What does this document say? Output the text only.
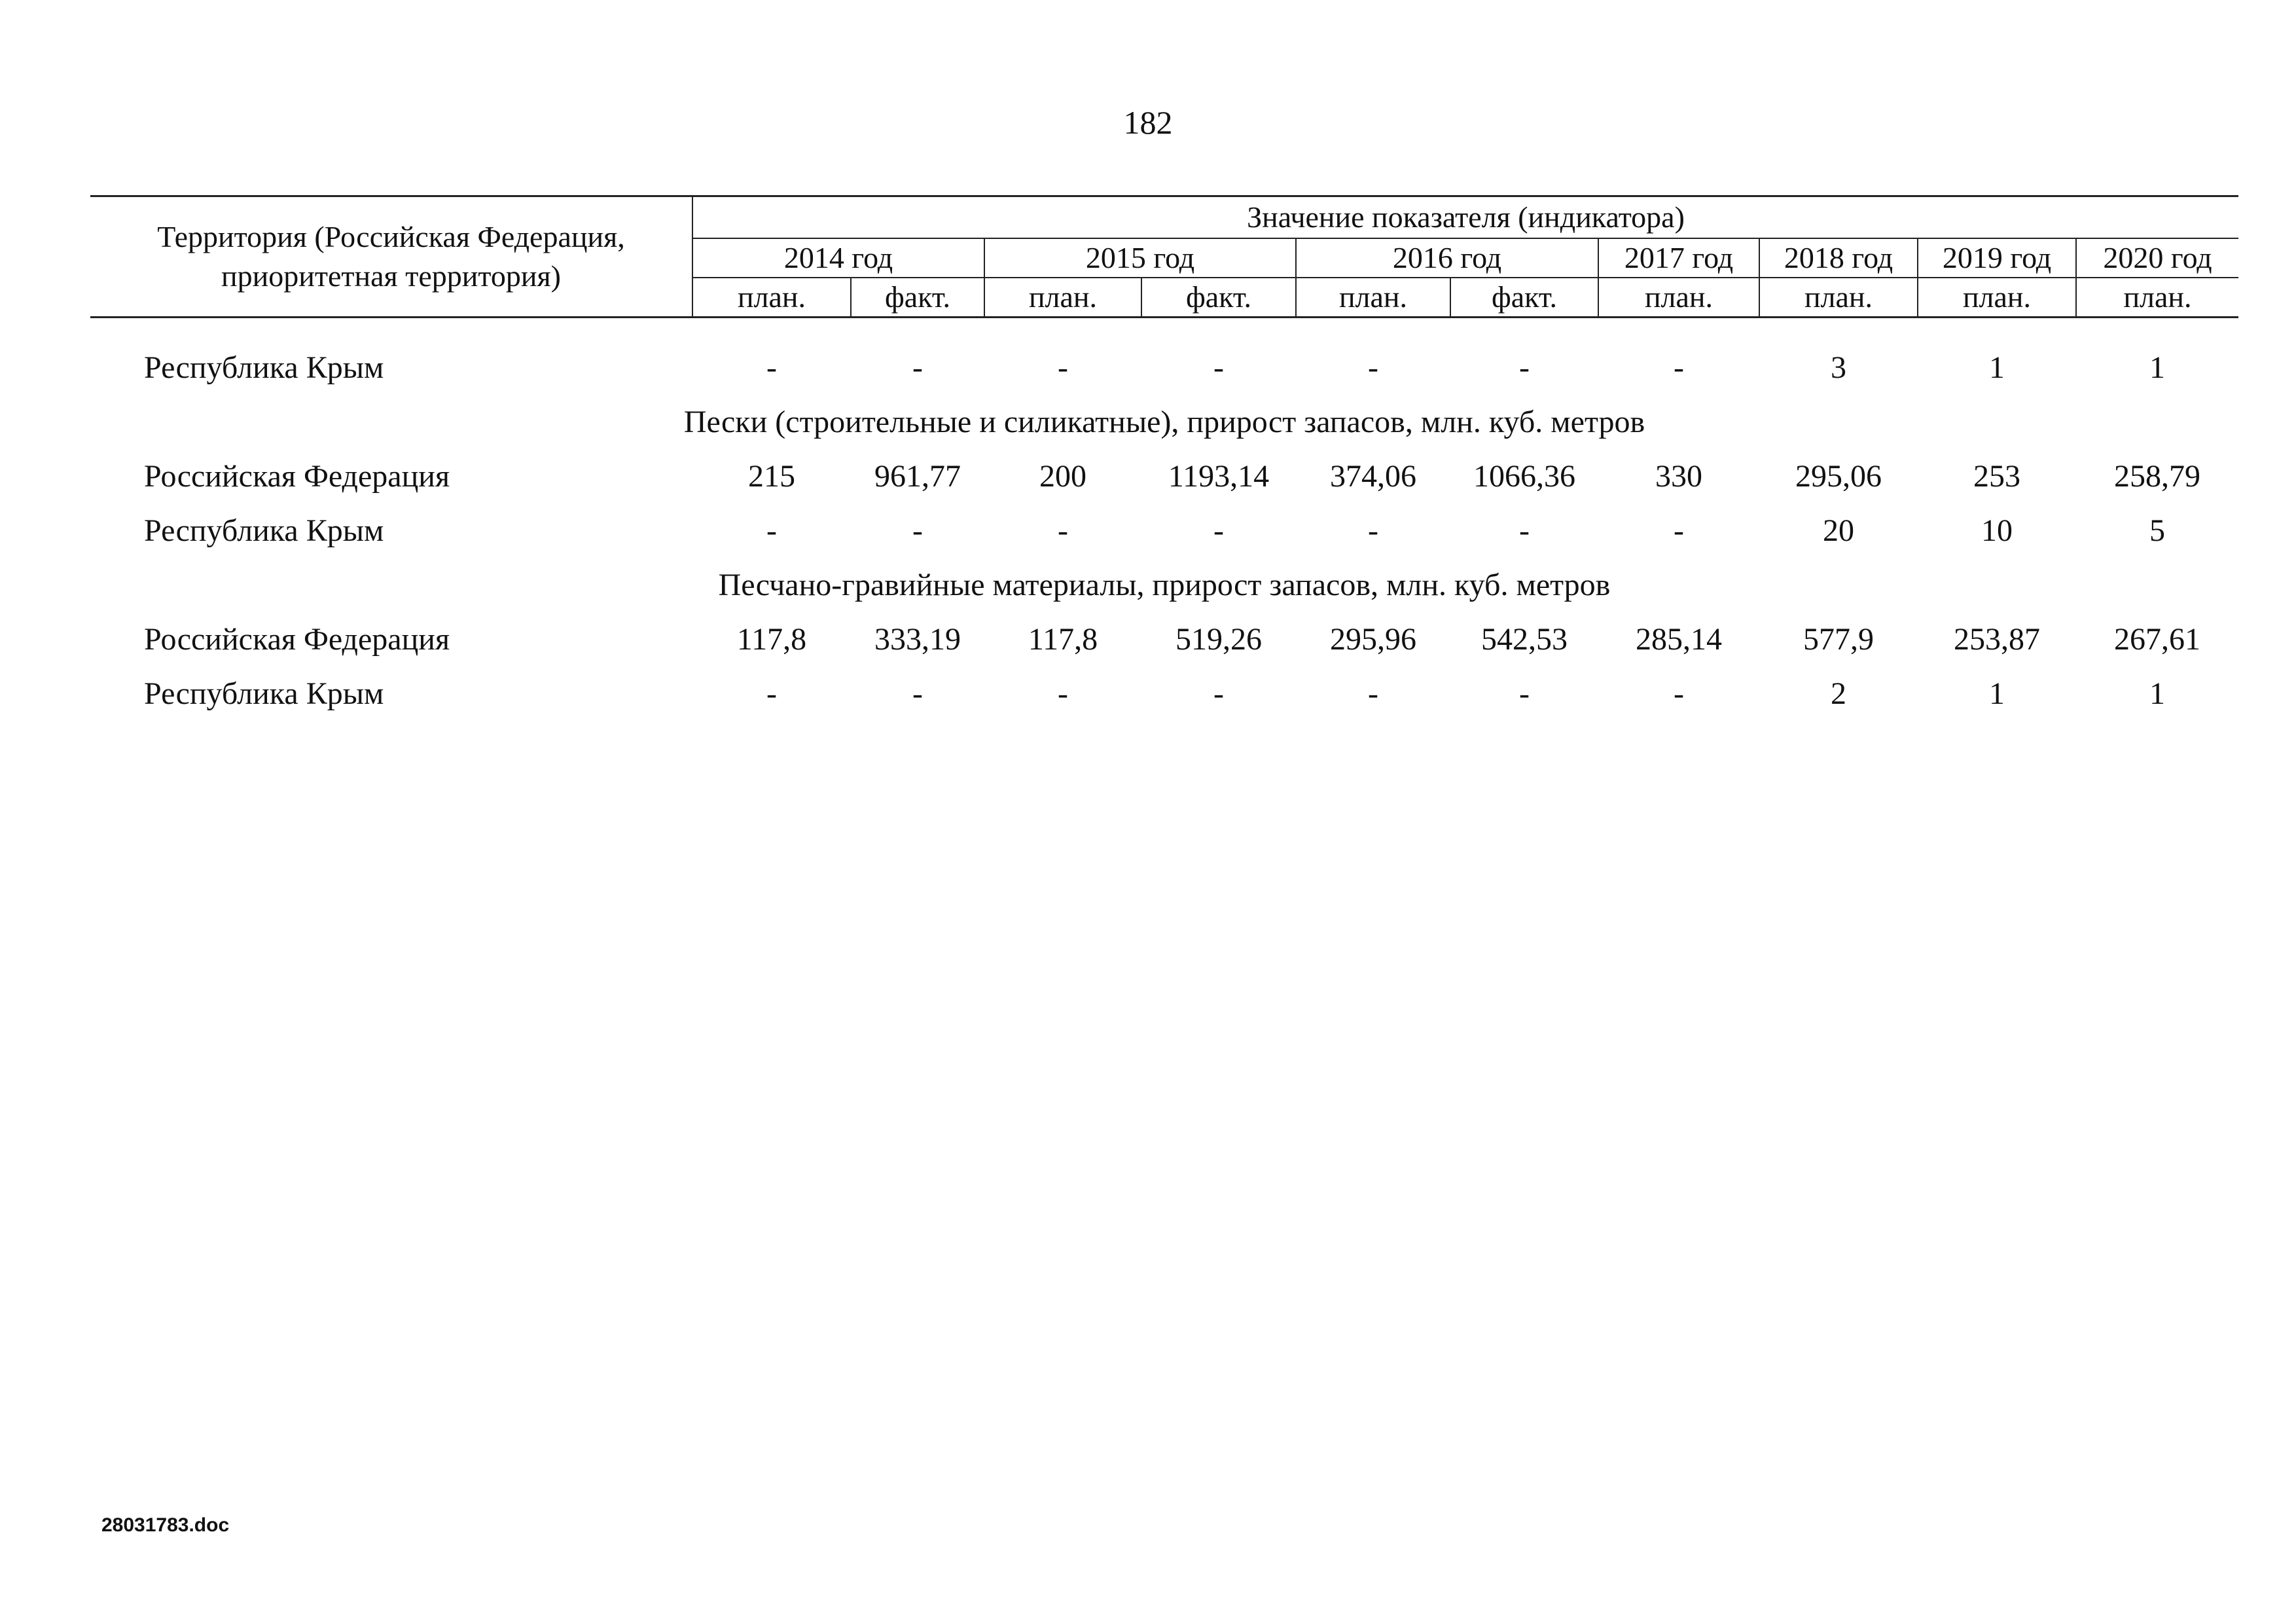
182
Территория (Российская Федерация, приоритетная территория)	Значение показателя (индикатора)									
	2014 год		2015 год		2016 год		2017 год	2018 год	2019 год	2020 год
	план.	факт.	план.	факт.	план.	факт.	план.	план.	план.	план.
Республика Крым	-	-	-	-	-	-	-	3	1	1
Пески (строительные и силикатные), прирост запасов, млн. куб. метров										
Российская Федерация	215	961,77	200	1193,14	374,06	1066,36	330	295,06	253	258,79
Республика Крым	-	-	-	-	-	-	-	20	10	5
Песчано-гравийные материалы, прирост запасов, млн. куб. метров										
Российская Федерация	117,8	333,19	117,8	519,26	295,96	542,53	285,14	577,9	253,87	267,61
Республика Крым	-	-	-	-	-	-	-	2	1	1
28031783.doc
